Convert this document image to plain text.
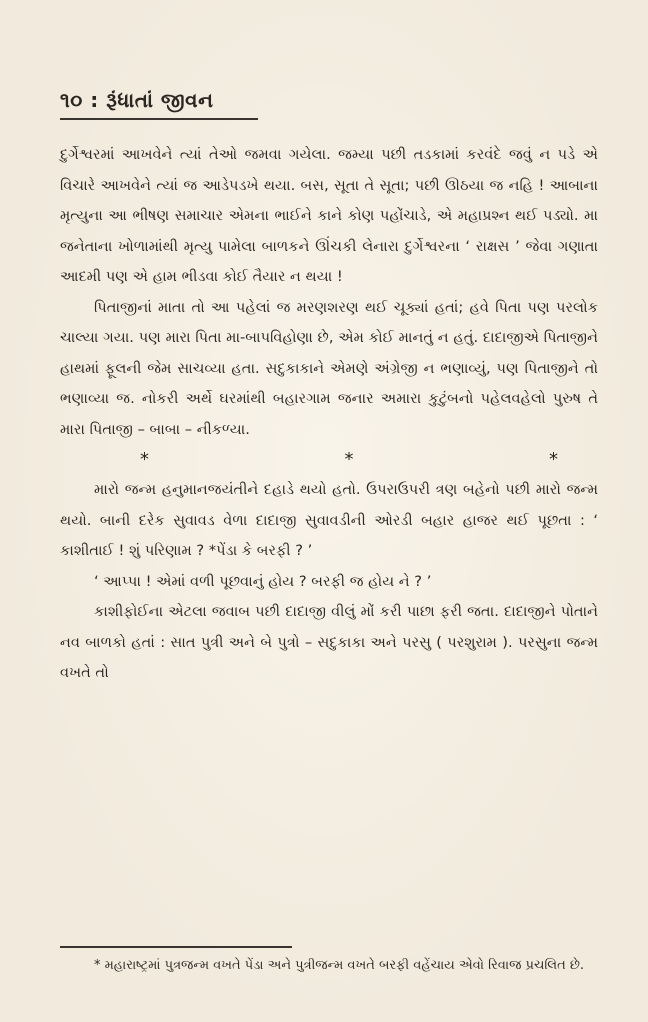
૧૦ : રૂંધાતાં જીવન

દુર્ગેશ્વરમાં આખવેને ત્યાં તેઓ જમવા ગયેલા. જમ્યા પછી તડકામાં કરવંદે જવું ન પડે એ વિચારે આખવેને ત્યાં જ આડેપડખે થયા. બસ, સૂતા તે સૂતા; પછી ઊઠયા જ નહિ ! આબાના મૃત્યુના આ ભીષણ સમાચાર એમના ભાઈને કાને કોણ પહોંચાડે, એ મહાપ્રશ્ન થઈ પડ્યો. મા જનેતાના ખોળામાંથી મૃત્યુ પામેલા બાળકને ઊંચકી લેનારા દુર્ગેશ્વરના ‘ રાક્ષસ ’ જેવા ગણાતા આદમી પણ એ હામ ભીડવા કોઈ તૈયાર ન થયા !

પિતાજીનાં માતા તો આ પહેલાં જ મરણશરણ થઈ ચૂક્યાં હતાં; હવે પિતા પણ પરલોક ચાલ્યા ગયા. પણ મારા પિતા મા-બાપવિહોણા છે, એમ કોઈ માનતું ન હતું. દાદાજીએ પિતાજીને હાથમાં ફૂલની જેમ સાચવ્યા હતા. સદુકાકાને એમણે અંગ્રેજી ન ભણાવ્યું, પણ પિતાજીને તો ભણાવ્યા જ. નોકરી અર્થે ઘરમાંથી બહારગામ જનાર અમારા કુટુંબનો પહેલવહેલો પુરુષ તે મારા પિતાજી – બાબા – નીકળ્યા.

*	*	*

મારો જન્મ હનુમાનજયંતીને દહાડે થયો હતો. ઉપરાઉપરી ત્રણ બહેનો પછી મારો જન્મ થયો. બાની દરેક સુવાવડ વેળા દાદાજી સુવાવડીની ઓરડી બહાર હાજર થઈ પૂછતા : ‘ કાશીતાઈ ! શું પરિણામ ? *પેંડા કે બરફી ? ’

‘ આપ્પા ! એમાં વળી પૂછવાનું હોય ? બરફી જ હોય ને ? ’

કાશીફોઈના એટલા જવાબ પછી દાદાજી વીલું મોં કરી પાછા ફરી જતા. દાદાજીને પોતાને નવ બાળકો હતાં : સાત પુત્રી અને બે પુત્રો – સદુકાકા અને પરસુ ( પરશુરામ ). પરસુના જન્મ વખતે તો

* મહારાષ્ટ્રમાં પુત્રજન્મ વખતે પેંડા અને પુત્રીજન્મ વખતે બરફી વહેંચાય એવો રિવાજ પ્રચલિત છે.
